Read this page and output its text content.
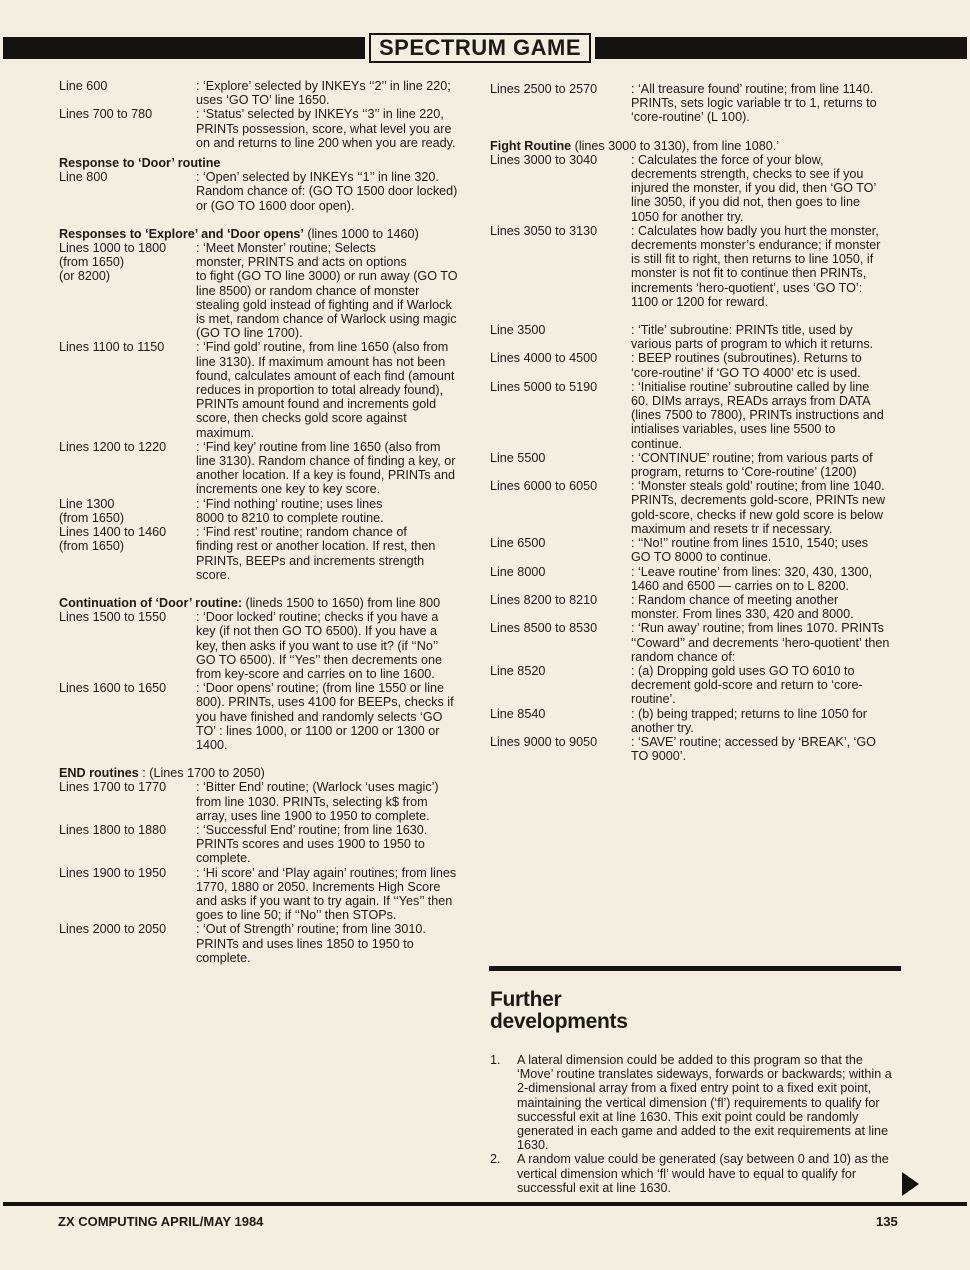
SPECTRUM GAME
Line 600	: ‘Explore’ selected by INKEYs ‘‘2’’ in line 220; uses ‘GO TO’ line 1650.
Lines 700 to 780	: ‘Status’ selected by INKEYs ‘‘3’’ in line 220, PRINTs possession, score, what level you are on and returns to line 200 when you are ready.
Response to ‘Door’ routine
Line 800	: ‘Open’ selected by INKEYs ‘‘1’’ in line 320. Random chance of: (GO TO 1500 door locked) or (GO TO 1600 door open).
Responses to ‘Explore’ and ‘Door opens’ (lines 1000 to 1460)
Lines 1000 to 1800	: ‘Meet Monster’ routine; Selects
(from 1650)	monster, PRINTS and acts on options
(or 8200)	to fight (GO TO line 3000) or run away (GO TO line 8500) or random chance of monster stealing gold instead of fighting and if Warlock is met, random chance of Warlock using magic (GO TO line 1700).
Lines 1100 to 1150	: ‘Find gold’ routine, from line 1650 (also from line 3130). If maximum amount has not been found, calculates amount of each find (amount reduces in proportion to total already found), PRINTs amount found and increments gold score, then checks gold score against maximum.
Lines 1200 to 1220	: ‘Find key’ routine from line 1650 (also from line 3130). Random chance of finding a key, or another location. If a key is found, PRINTs and increments one key to key score.
Line 1300	: ‘Find nothing’ routine; uses lines
(from 1650)	8000 to 8210 to complete routine.
Lines 1400 to 1460	: ‘Find rest’ routine; random chance of
(from 1650)	finding rest or another location. If rest, then PRINTs, BEEPs and increments strength score.
Continuation of ‘Door’ routine: (lineds 1500 to 1650) from line 800
Lines 1500 to 1550	: ‘Door locked’ routine; checks if you have a key (if not then GO TO 6500). If you have a key, then asks if you want to use it? (if ‘‘No’’ GO TO 6500). If ‘‘Yes’’ then decrements one from key-score and carries on to line 1600.
Lines 1600 to 1650	: ‘Door opens’ routine; (from line 1550 or line 800). PRINTs, uses 4100 for BEEPs, checks if you have finished and randomly selects ‘GO TO’ : lines 1000, or 1100 or 1200 or 1300 or 1400.
END routines : (Lines 1700 to 2050)
Lines 1700 to 1770	: ‘Bitter End’ routine; (Warlock ‘uses magic’) from line 1030. PRINTs, selecting k$ from array, uses line 1900 to 1950 to complete.
Lines 1800 to 1880	: ‘Successful End’ routine; from line 1630. PRINTs scores and uses 1900 to 1950 to complete.
Lines 1900 to 1950	: ‘Hi score’ and ‘Play again’ routines; from lines 1770, 1880 or 2050. Increments High Score and asks if you want to try again. If ‘‘Yes’’ then goes to line 50; if ‘‘No’’ then STOPs.
Lines 2000 to 2050	: ‘Out of Strength’ routine; from line 3010. PRINTs and uses lines 1850 to 1950 to complete.
Lines 2500 to 2570	: ‘All treasure found’ routine; from line 1140. PRINTs, sets logic variable tr to 1, returns to ‘core-routine’ (L 100).
Fight Routine (lines 3000 to 3130), from line 1080.’
Lines 3000 to 3040	: Calculates the force of your blow, decrements strength, checks to see if you injured the monster, if you did, then ‘GO TO’ line 3050, if you did not, then goes to line 1050 for another try.
Lines 3050 to 3130	: Calculates how badly you hurt the monster, decrements monster’s endurance; if monster is still fit to right, then returns to line 1050, if monster is not fit to continue then PRINTs, increments ‘hero-quotient’, uses ‘GO TO’: 1100 or 1200 for reward.
Line 3500	: ‘Title’ subroutine: PRINTs title, used by various parts of program to which it returns.
Lines 4000 to 4500	: BEEP routines (subroutines). Returns to ‘core-routine’ if ‘GO TO 4000’ etc is used.
Lines 5000 to 5190	: ‘Initialise routine’ subroutine called by line 60. DIMs arrays, READs arrays from DATA (lines 7500 to 7800), PRINTs instructions and intialises variables, uses line 5500 to continue.
Line 5500	: ‘CONTINUE’ routine; from various parts of program, returns to ‘Core-routine’ (1200)
Lines 6000 to 6050	: ‘Monster steals gold’ routine; from line 1040. PRINTs, decrements gold-score, PRINTs new gold-score, checks if new gold score is below maximum and resets tr if necessary.
Line 6500	: ‘‘No!’’ routine from lines 1510, 1540; uses GO TO 8000 to continue.
Line 8000	: ‘Leave routine’ from lines: 320, 430, 1300, 1460 and 6500 — carries on to L 8200.
Lines 8200 to 8210	: Random chance of meeting another monster. From lines 330, 420 and 8000.
Lines 8500 to 8530	: ‘Run away’ routine; from lines 1070. PRINTs ‘‘Coward’’ and decrements ‘hero-quotient’ then random chance of:
Line 8520	: (a) Dropping gold uses GO TO 6010 to decrement gold-score and return to ‘core-routine’.
Line 8540	: (b) being trapped; returns to line 1050 for another try.
Lines 9000 to 9050	: ‘SAVE’ routine; accessed by ‘BREAK’, ‘GO TO 9000’.
Further
developments
1.	A lateral dimension could be added to this program so that the ‘Move’ routine translates sideways, forwards or backwards; within a 2-dimensional array from a fixed entry point to a fixed exit point, maintaining the vertical dimension (‘fl’) requirements to qualify for successful exit at line 1630. This exit point could be randomly generated in each game and added to the exit requirements at line 1630.
2.	A random value could be generated (say between 0 and 10) as the vertical dimension which ‘fl’ would have to equal to qualify for successful exit at line 1630.
ZX COMPUTING APRIL/MAY 1984	135
